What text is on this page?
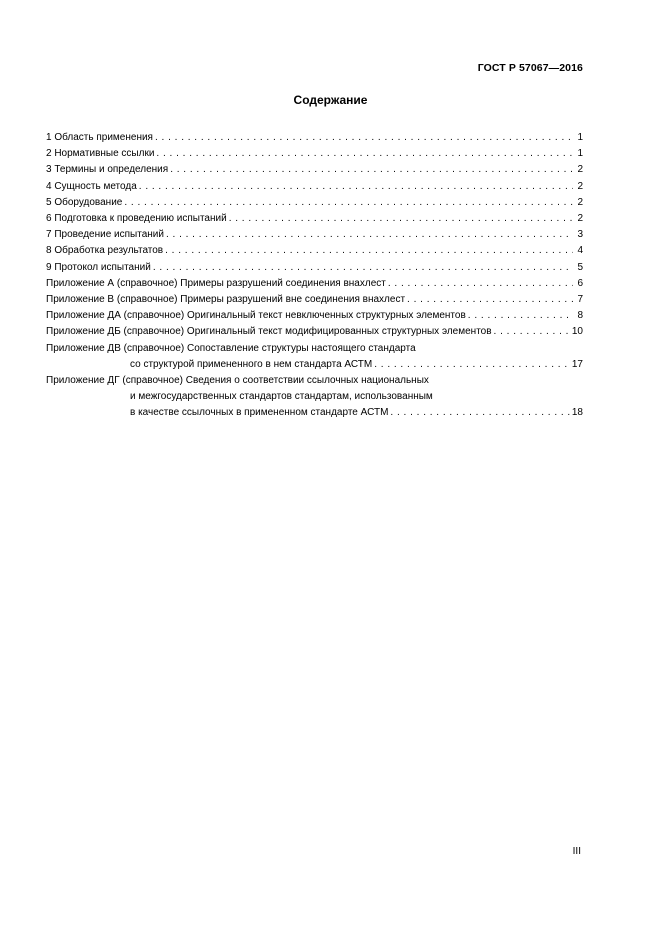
ГОСТ Р 57067—2016
Содержание
1 Область применения . . .	1
2 Нормативные ссылки . . .	1
3 Термины и определения . . .	2
4 Сущность метода . . .	2
5 Оборудование . . .	2
6 Подготовка к проведению испытаний . . .	2
7 Проведение испытаний . . .	3
8 Обработка результатов . . .	4
9 Протокол испытаний . . .	5
Приложение А (справочное) Примеры разрушений соединения внахлест . . .	6
Приложение В (справочное) Примеры разрушений вне соединения внахлест . . .	7
Приложение ДА (справочное) Оригинальный текст невключенных структурных элементов . . .	8
Приложение ДБ (справочное) Оригинальный текст модифицированных структурных элементов . . .	10
Приложение ДВ (справочное) Сопоставление структуры настоящего стандарта
со структурой примененного в нем стандарта АСТМ . . .	17
Приложение ДГ (справочное) Сведения о соответствии ссылочных национальных
и межгосударственных стандартов стандартам, использованным
в качестве ссылочных в примененном стандарте АСТМ . . .	18
III
